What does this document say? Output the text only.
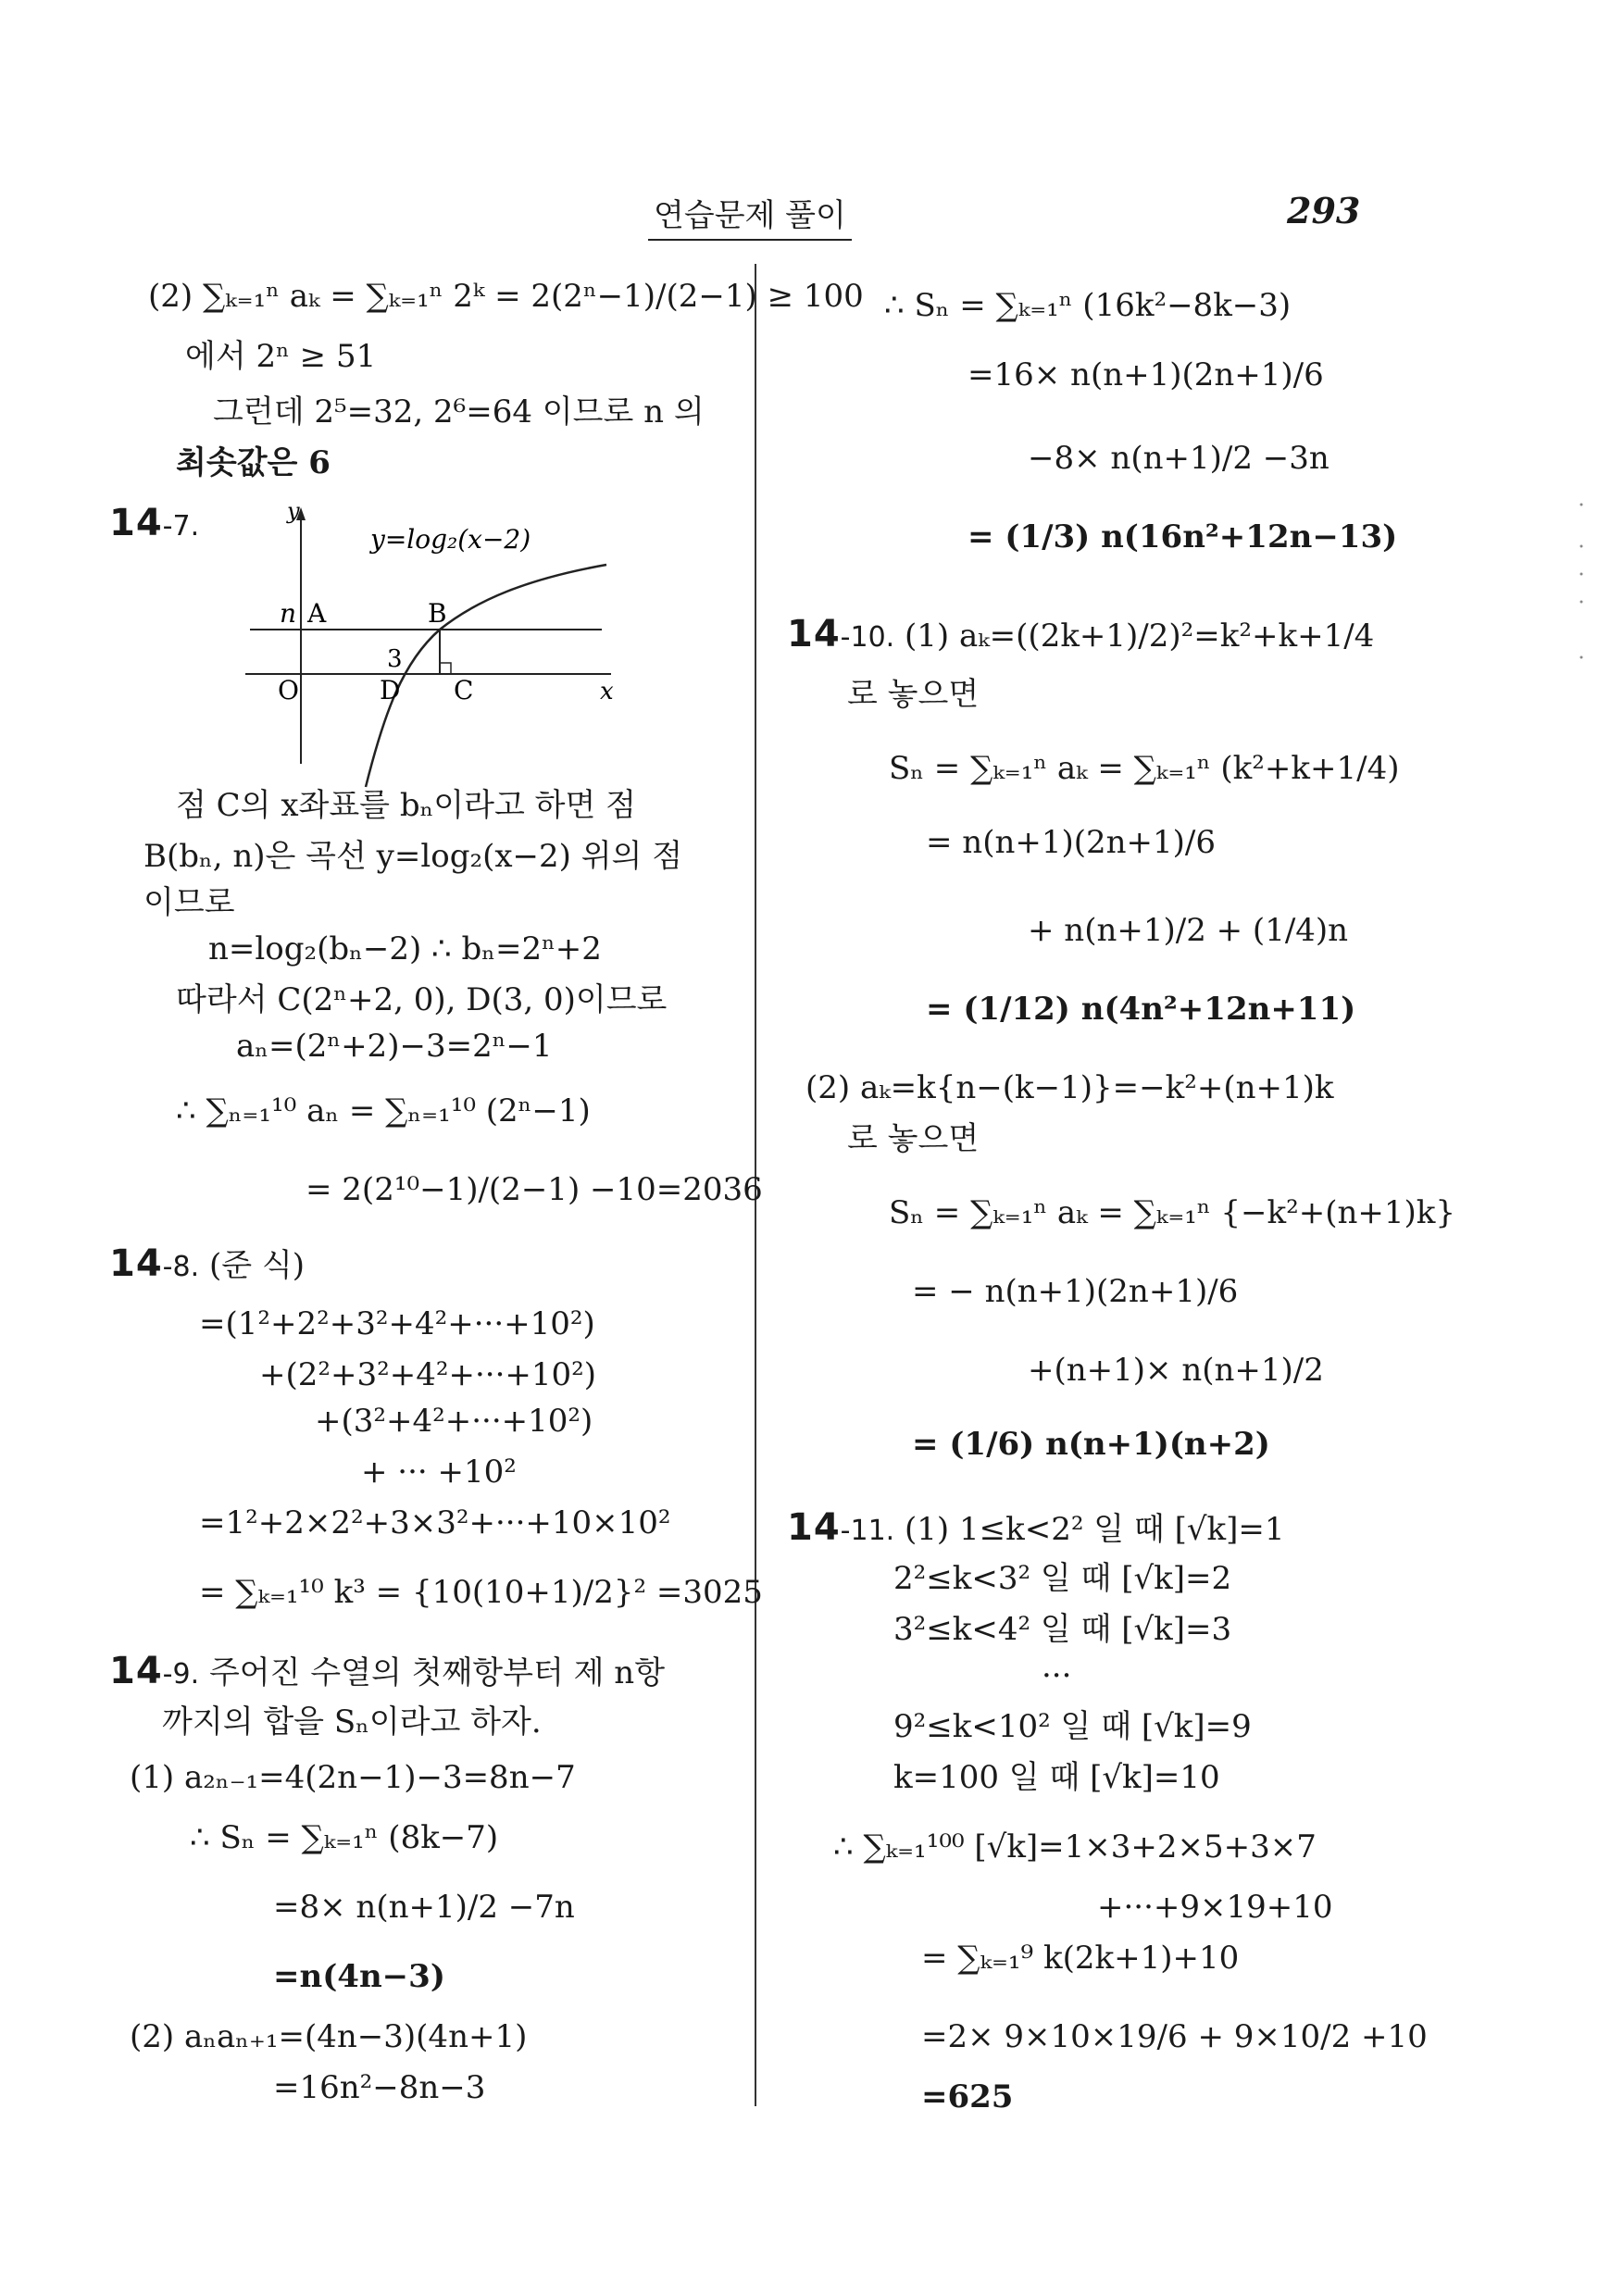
연습문제 풀이	293
(2) ∑ₖ₌₁ⁿ aₖ = ∑ₖ₌₁ⁿ 2ᵏ = 2(2ⁿ−1)/(2−1) ≥ 100
에서 2ⁿ ≥ 51
그런데 2⁵=32, 2⁶=64 이므로 n 의
최솟값은 6
14-7.	y=log₂(x−2)
y
x
O
n A	B
3
D C
점 C의 x좌표를 bₙ이라고 하면 점
B(bₙ, n)은 곡선 y=log₂(x−2) 위의 점
이므로
n=log₂(bₙ−2) ∴ bₙ=2ⁿ+2
따라서 C(2ⁿ+2, 0), D(3, 0)이므로
aₙ=(2ⁿ+2)−3=2ⁿ−1
∴ ∑ₙ₌₁¹⁰ aₙ = ∑ₙ₌₁¹⁰ (2ⁿ−1)
= 2(2¹⁰−1)/(2−1) −10=2036
14-8. (준 식)
=(1²+2²+3²+4²+···+10²)
+(2²+3²+4²+···+10²)
+(3²+4²+···+10²)
+ ··· +10²
=1²+2×2²+3×3²+···+10×10²
= ∑ₖ₌₁¹⁰ k³ = {10(10+1)/2}² =3025
14-9. 주어진 수열의 첫째항부터 제 n항
까지의 합을 Sₙ이라고 하자.
(1) a₂ₙ₋₁=4(2n−1)−3=8n−7
∴ Sₙ = ∑ₖ₌₁ⁿ (8k−7)
=8× n(n+1)/2 −7n
=n(4n−3)
(2) aₙaₙ₊₁=(4n−3)(4n+1)
=16n²−8n−3
∴ Sₙ = ∑ₖ₌₁ⁿ (16k²−8k−3)
=16× n(n+1)(2n+1)/6
−8× n(n+1)/2 −3n
= (1/3) n(16n²+12n−13)
14-10. (1) aₖ=((2k+1)/2)²=k²+k+1/4
로 놓으면
Sₙ = ∑ₖ₌₁ⁿ aₖ = ∑ₖ₌₁ⁿ (k²+k+1/4)
= n(n+1)(2n+1)/6
+ n(n+1)/2 + (1/4)n
= (1/12) n(4n²+12n+11)
(2) aₖ=k{n−(k−1)}=−k²+(n+1)k
로 놓으면
Sₙ = ∑ₖ₌₁ⁿ aₖ = ∑ₖ₌₁ⁿ {−k²+(n+1)k}
= − n(n+1)(2n+1)/6
+(n+1)× n(n+1)/2
= (1/6) n(n+1)(n+2)
14-11. (1) 1≤k<2² 일 때 [√k]=1
2²≤k<3² 일 때 [√k]=2
3²≤k<4² 일 때 [√k]=3
···
9²≤k<10² 일 때 [√k]=9
k=100 일 때 [√k]=10
∴ ∑ₖ₌₁¹⁰⁰ [√k]=1×3+2×5+3×7
+···+9×19+10
= ∑ₖ₌₁⁹ k(2k+1)+10
=2× 9×10×19/6 + 9×10/2 +10
=625
